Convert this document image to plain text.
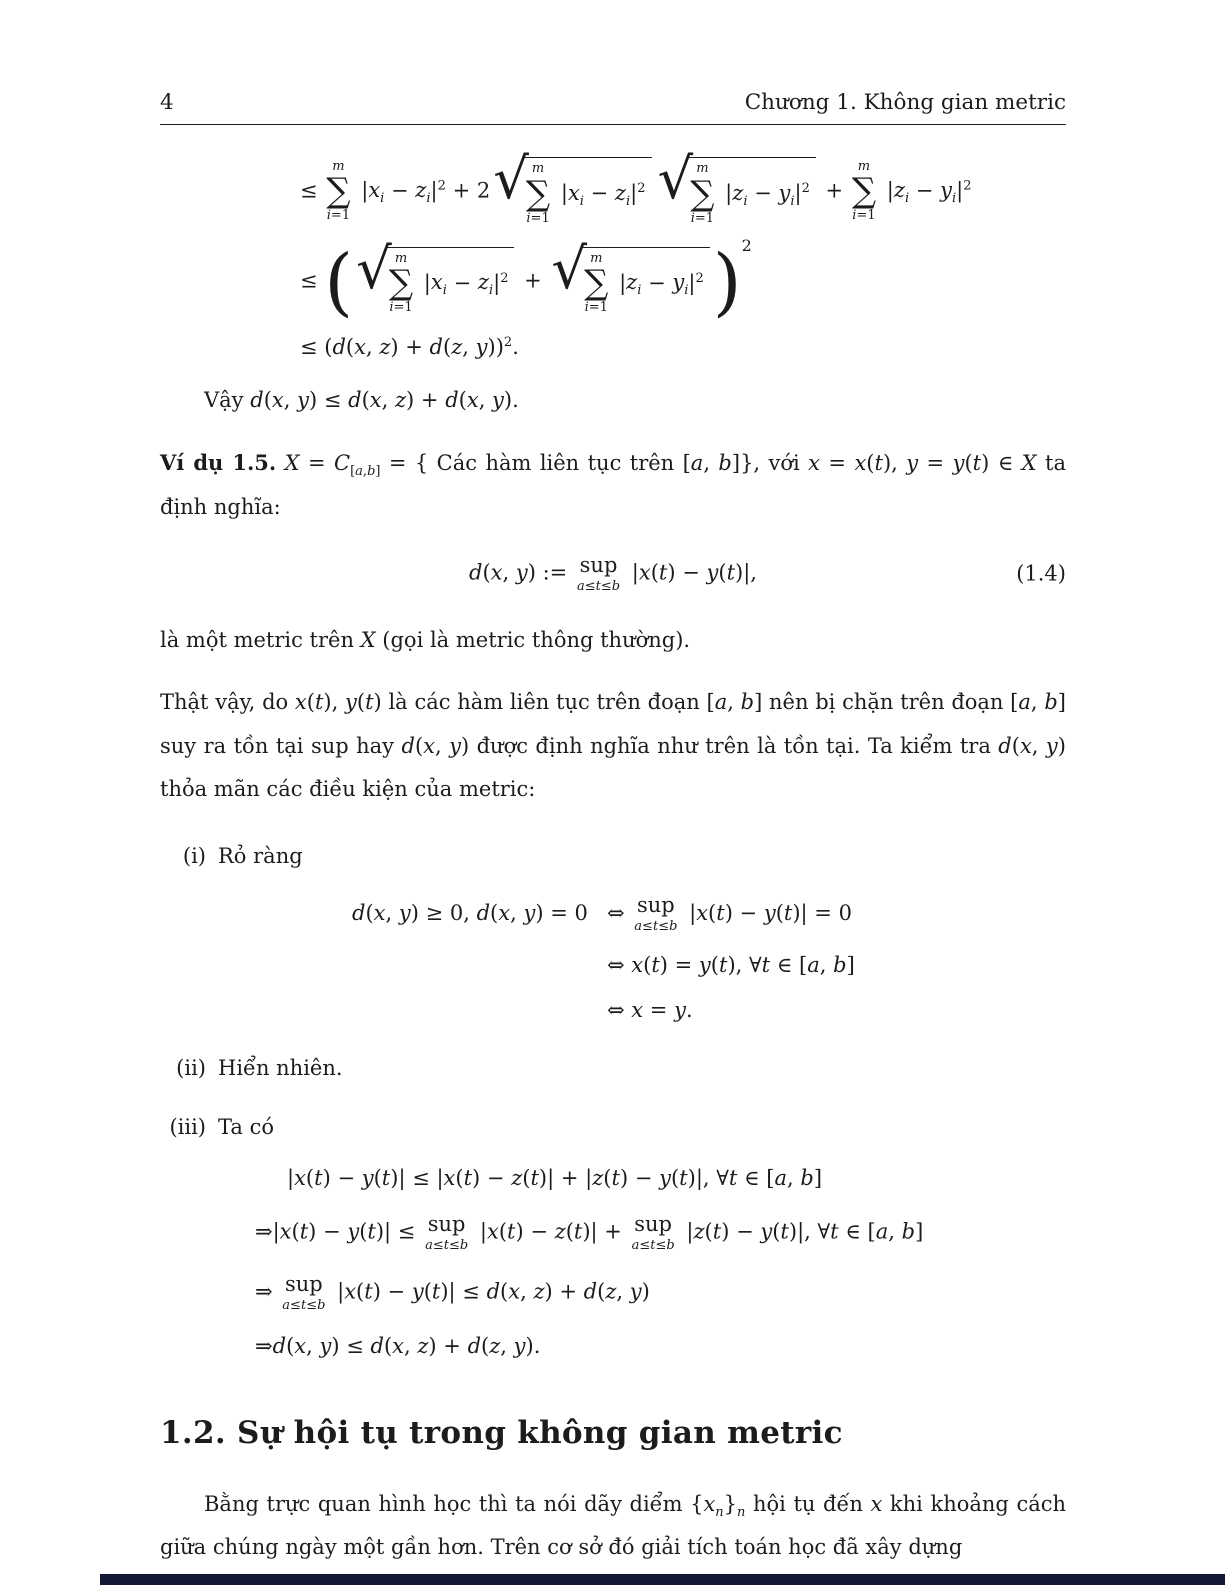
4	Chương 1. Không gian metric
≤
m
∑
i=1
$|x_i - z_i|^2 + 2$ √ m
∑
i=1
$|x_i - z_i|^2$ √ m
∑
i=1
$|z_i - y_i|^2$ +
m
∑
i=1
$|z_i - y_i|^2$
≤ ( √ m
∑
i=1
$|x_i - z_i|^2$ + √ m
∑
i=1
$|z_i - y_i|^2$ )$^2$
≤ (d(x, z) + d(z, y))$^2$.

Vậy d(x, y) ≤ d(x, z) + d(x, y).

Ví dụ 1.5. $X = C_{[a,b]}$ = { Các hàm liên tục trên [a, b]}, với x = x(t), y = y(t) ∈ X ta định nghĩa:

d(x, y) := sup
a≤t≤b
|x(t) − y(t)|,	(1.4)

là một metric trên X (gọi là metric thông thường).

Thật vậy, do x(t), y(t) là các hàm liên tục trên đoạn [a, b] nên bị chặn trên đoạn [a, b] suy ra tồn tại sup hay d(x, y) được định nghĩa như trên là tồn tại. Ta kiểm tra d(x, y) thỏa mãn các điều kiện của metric:

(i) Rỏ ràng
d(x, y) ≥ 0, d(x, y) = 0 ⇔ sup
a≤t≤b
|x(t) − y(t)| = 0
⇔ x(t) = y(t), ∀t ∈ [a, b]
⇔ x = y.
(ii) Hiển nhiên.
(iii) Ta có
|x(t) − y(t)| ≤ |x(t) − z(t)| + |z(t) − y(t)|, ∀t ∈ [a, b]
⇒|x(t) − y(t)| ≤ sup
a≤t≤b
|x(t) − z(t)| + sup
a≤t≤b
|z(t) − y(t)|, ∀t ∈ [a, b]
⇒ sup
a≤t≤b
|x(t) − y(t)| ≤ d(x, z) + d(z, y)
⇒d(x, y) ≤ d(x, z) + d(z, y).
1.2. Sự hội tụ trong không gian metric

Bằng trực quan hình học thì ta nói dãy diểm $\{x_n\}_n$ hội tụ đến x khi khoảng cách giữa chúng ngày một gần hơn. Trên cơ sở đó giải tích toán học đã xây dựng
